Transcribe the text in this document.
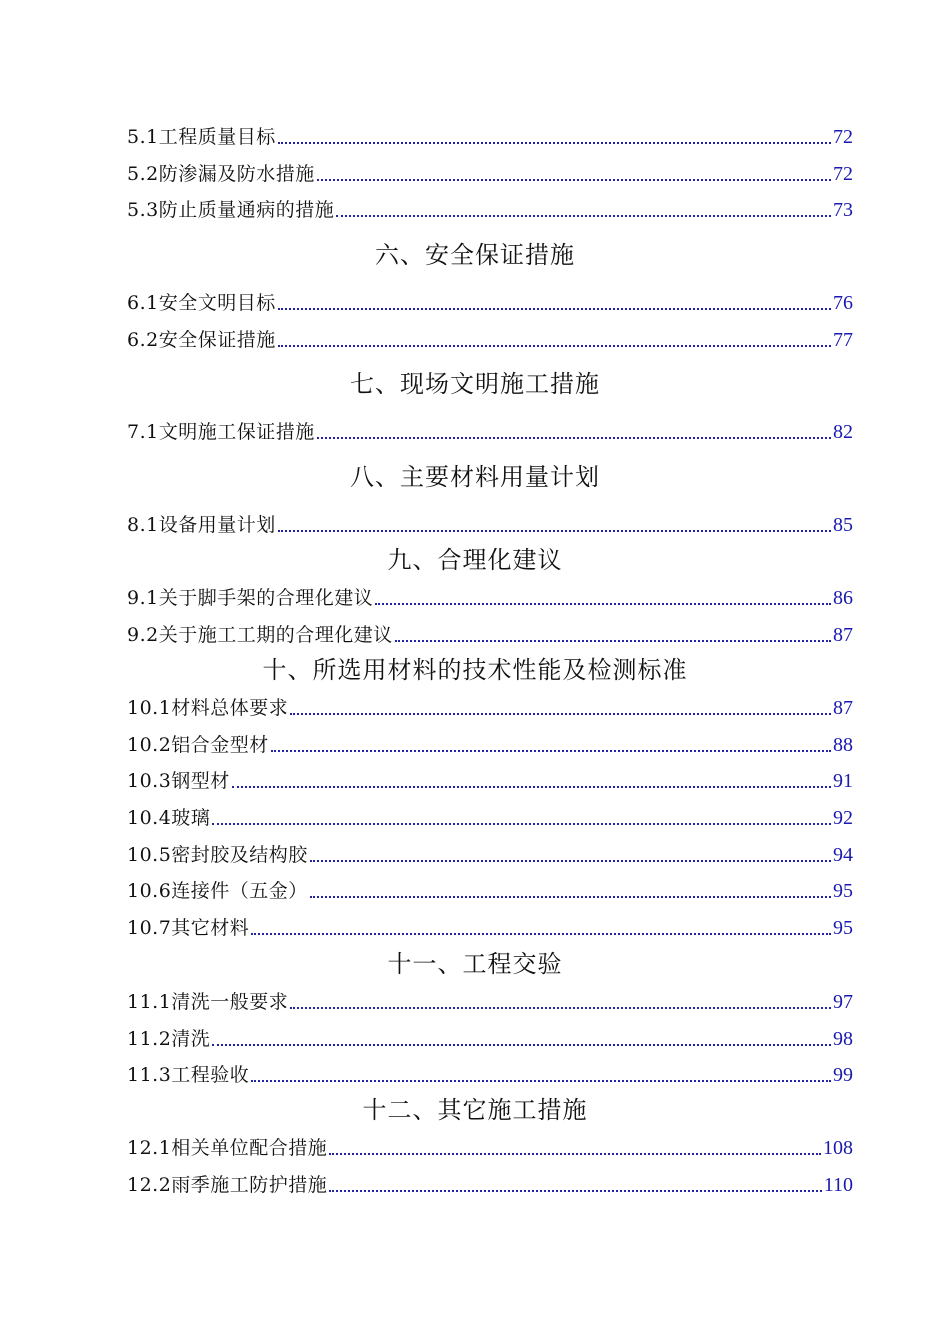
5.1工程质量目标	72
5.2防渗漏及防水措施	72
5.3防止质量通病的措施	73
六、安全保证措施
6.1安全文明目标	76
6.2安全保证措施	77
七、现场文明施工措施
7.1文明施工保证措施	82
八、主要材料用量计划
8.1设备用量计划	85
九、合理化建议
9.1关于脚手架的合理化建议	86
9.2关于施工工期的合理化建议	87
十、所选用材料的技术性能及检测标准
10.1材料总体要求	87
10.2铝合金型材	88
10.3钢型材	91
10.4玻璃	92
10.5密封胶及结构胶	94
10.6连接件（五金）	95
10.7其它材料	95
十一、工程交验
11.1清洗一般要求	97
11.2清洗	98
11.3工程验收	99
十二、其它施工措施
12.1相关单位配合措施	108
12.2雨季施工防护措施	110
